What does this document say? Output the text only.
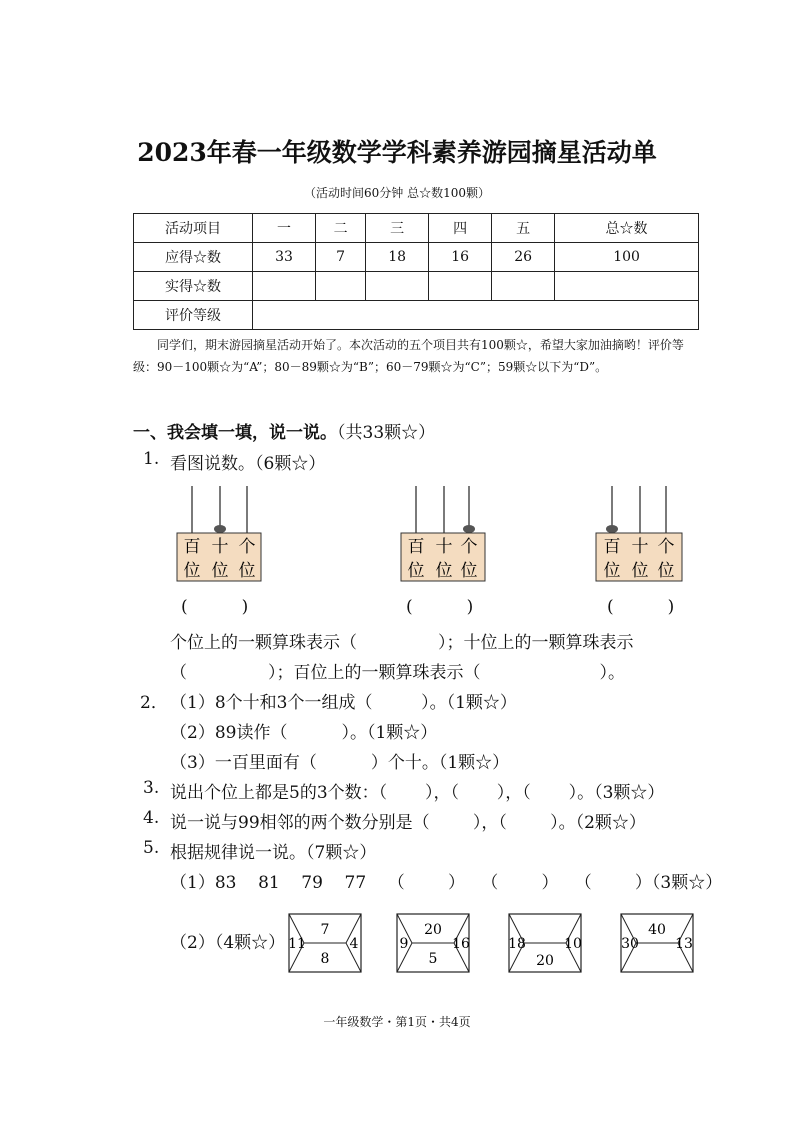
2023年春一年级数学学科素养游园摘星活动单
（活动时间60分钟 总☆数100颗）
活动项目	一	二	三	四	五	总☆数
应得☆数	33	7	18	16	26	100
实得☆数						
评价等级						
同学们，期末游园摘星活动开始了。本次活动的五个项目共有100颗☆，希望大家加油摘哟！评价等级：90－100颗☆为“A”；80－89颗☆为“B”；60－79颗☆为“C”；59颗☆以下为“D”。
一、我会填一填，说一说。（共33颗☆）
1. 看图说数。（6颗☆）
百 十 个
位 位 位
百 十 个
位 位 位
百 十 个
位 位 位
(          )	(          )	(          )
个位上的一颗算珠表示（               ）；十位上的一颗算珠表示
（               ）；百位上的一颗算珠表示（                      ）。
2． （1）8个十和3个一组成（         ）。（1颗☆）
（2）89读作（          ）。（1颗☆）
（3）一百里面有（          ）个十。（1颗☆）
3. 说出个位上都是5的3个数：（       ），（       ），（       ）。（3颗☆）
4. 说一说与99相邻的两个数分别是（        ），（        ）。（2颗☆）
5. 根据规律说一说。（7颗☆）
（1）83    81    79    77    （        ）   （        ）   （        ）（3颗☆）
（2）（4颗☆）
7
8
11	4
20
5
9	16
20
18	10
40
30	13
一年级数学・第1页・共4页
